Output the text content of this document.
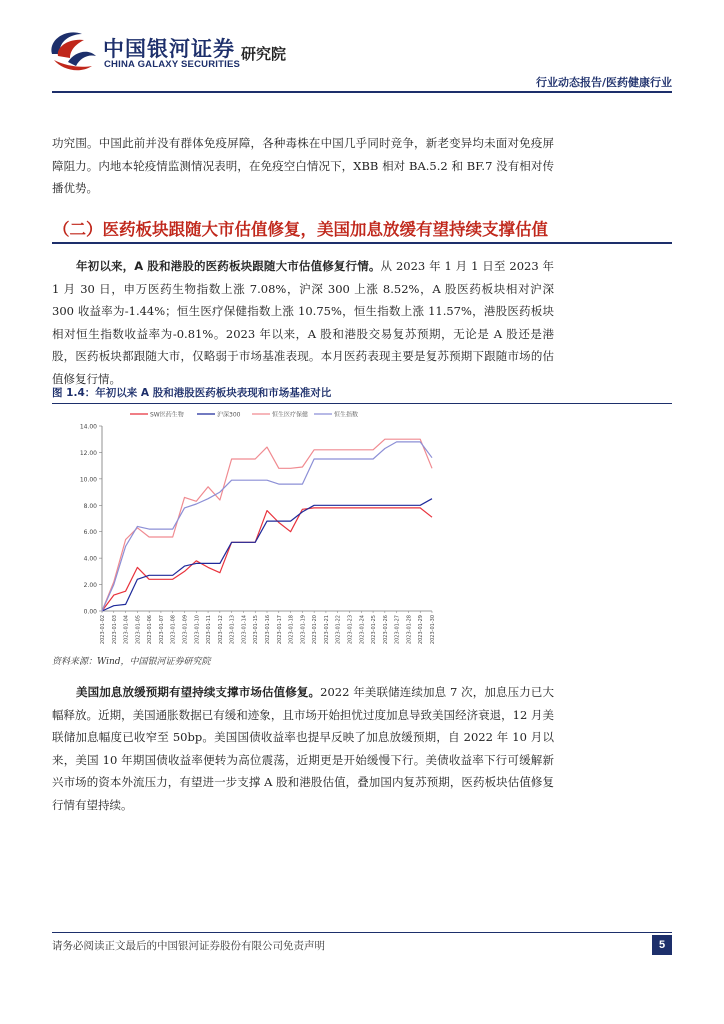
中国银河证券
CHINA GALAXY SECURITIES
研究院
行业动态报告/医药健康行业
功究围。中国此前并没有群体免疫屏障，各种毒株在中国几乎同时竞争，新老变异均未面对免疫屏障阻力。内地本轮疫情监测情况表明，在免疫空白情况下，XBB 相对 BA.5.2 和 BF.7 没有相对传播优势。
（二）医药板块跟随大市估值修复，美国加息放缓有望持续支撑估值
年初以来，A 股和港股的医药板块跟随大市估值修复行情。从 2023 年 1 月 1 日至 2023 年 1 月 30 日，申万医药生物指数上涨 7.08%，沪深 300 上涨 8.52%，A 股医药板块相对沪深 300 收益率为-1.44%；恒生医疗保健指数上涨 10.75%，恒生指数上涨 11.57%，港股医药板块相对恒生指数收益率为-0.81%。2023 年以来，A 股和港股交易复苏预期，无论是 A 股还是港股，医药板块都跟随大市，仅略弱于市场基准表现。本月医药表现主要是复苏预期下跟随市场的估值修复行情。
图 1.4：年初以来 A 股和港股医药板块表现和市场基准对比
0.00
2.00
4.00
6.00
8.00
10.00
12.00
14.00
2023-01-02 2023-01-03 2023-01-04 2023-01-05 2023-01-06 2023-01-07 2023-01-08 2023-01-09 2023-01-10 2023-01-11 2023-01-12 2023-01-13 2023-01-14 2023-01-15 2023-01-16 2023-01-17 2023-01-18 2023-01-19 2023-01-20 2023-01-21 2023-01-22 2023-01-23 2023-01-24 2023-01-25 2023-01-26 2023-01-27 2023-01-28 2023-01-29 2023-01-30
SW医药生物	沪深300	恒生医疗保健	恒生指数
资料来源：Wind，中国银河证券研究院
美国加息放缓预期有望持续支撑市场估值修复。2022 年美联储连续加息 7 次，加息压力已大幅释放。近期，美国通胀数据已有缓和迹象，且市场开始担忧过度加息导致美国经济衰退，12 月美联储加息幅度已收窄至 50bp。美国国债收益率也提早反映了加息放缓预期，自 2022 年 10 月以来，美国 10 年期国债收益率便转为高位震荡，近期更是开始缓慢下行。美债收益率下行可缓解新兴市场的资本外流压力，有望进一步支撑 A 股和港股估值，叠加国内复苏预期，医药板块估值修复行情有望持续。
请务必阅读正文最后的中国银河证券股份有限公司免责声明	5
